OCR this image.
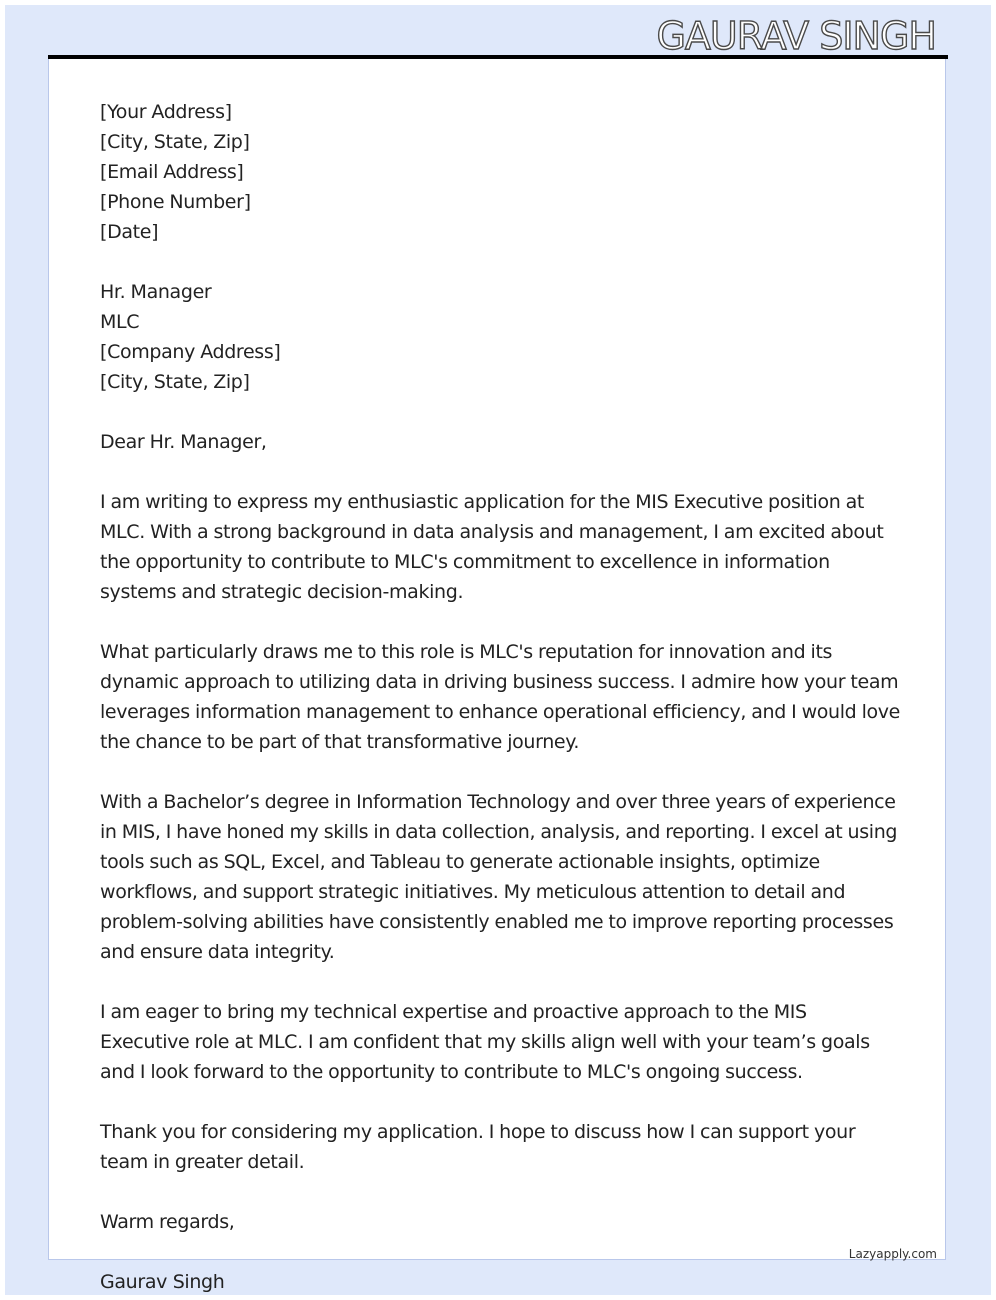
GAURAV SINGH

[Your Address]
[City, State, Zip]
[Email Address]
[Phone Number]
[Date]

Hr. Manager
MLC
[Company Address]
[City, State, Zip]

Dear Hr. Manager,

I am writing to express my enthusiastic application for the MIS Executive position at MLC. With a strong background in data analysis and management, I am excited about the opportunity to contribute to MLC's commitment to excellence in information systems and strategic decision-making.

What particularly draws me to this role is MLC's reputation for innovation and its dynamic approach to utilizing data in driving business success. I admire how your team leverages information management to enhance operational efficiency, and I would love the chance to be part of that transformative journey.

With a Bachelor’s degree in Information Technology and over three years of experience in MIS, I have honed my skills in data collection, analysis, and reporting. I excel at using tools such as SQL, Excel, and Tableau to generate actionable insights, optimize workflows, and support strategic initiatives. My meticulous attention to detail and problem-solving abilities have consistently enabled me to improve reporting processes and ensure data integrity.

I am eager to bring my technical expertise and proactive approach to the MIS Executive role at MLC. I am confident that my skills align well with your team’s goals and I look forward to the opportunity to contribute to MLC's ongoing success.

Thank you for considering my application. I hope to discuss how I can support your team in greater detail.

Warm regards,

Lazyapply.com
Gaurav Singh
